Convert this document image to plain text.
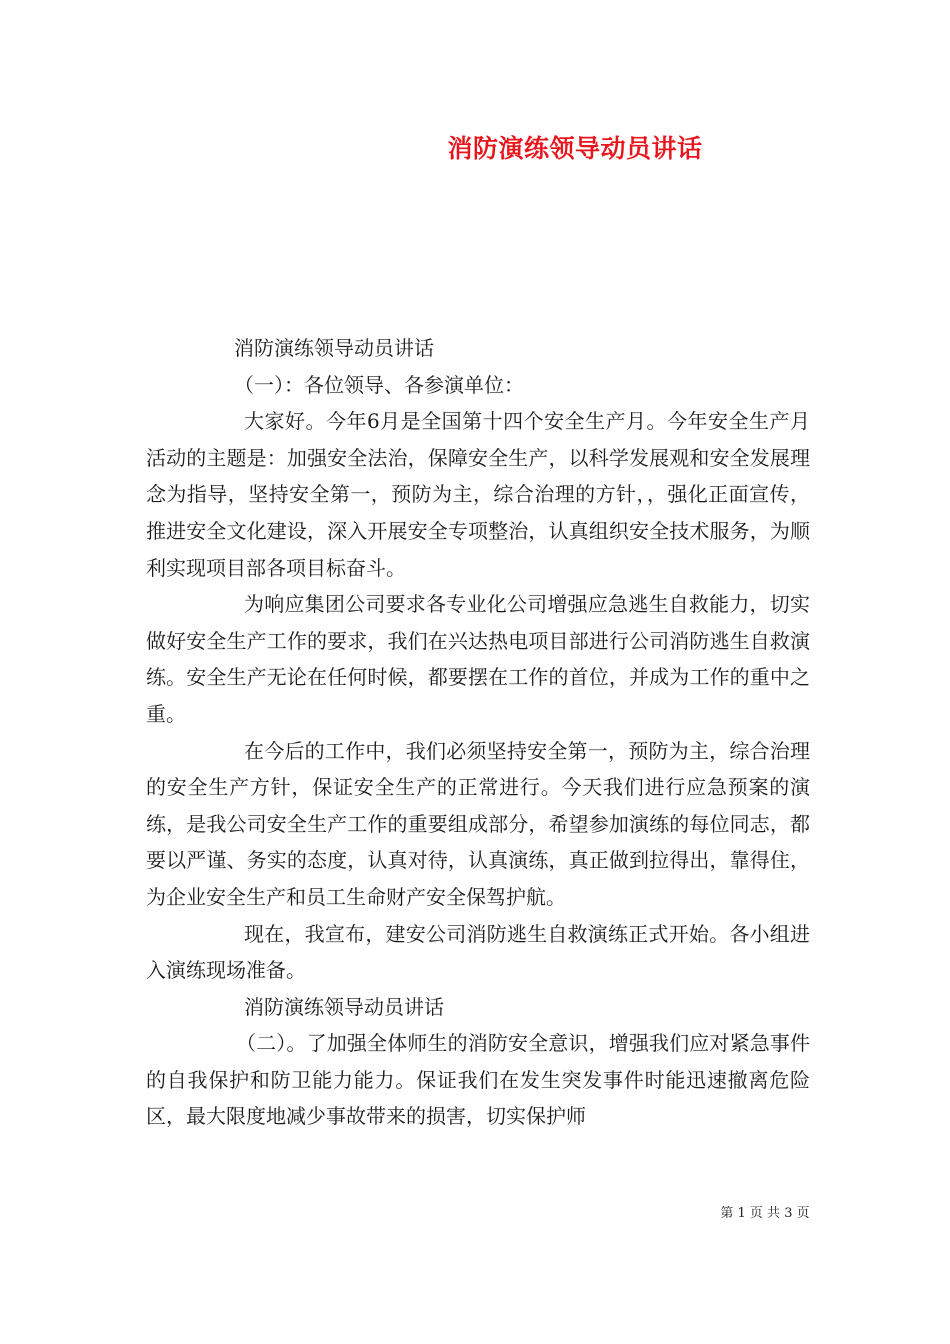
消防演练领导动员讲话

消防演练领导动员讲话

（一）：各位领导、各参演单位：

大家好。今年6月是全国第十四个安全生产月。今年安全生产月活动的主题是：加强安全法治，保障安全生产，以科学发展观和安全发展理念为指导，坚持安全第一，预防为主，综合治理的方针，，强化正面宣传，推进安全文化建设，深入开展安全专项整治，认真组织安全技术服务，为顺利实现项目部各项目标奋斗。

为响应集团公司要求各专业化公司增强应急逃生自救能力，切实做好安全生产工作的要求，我们在兴达热电项目部进行公司消防逃生自救演练。安全生产无论在任何时候，都要摆在工作的首位，并成为工作的重中之重。

在今后的工作中，我们必须坚持安全第一，预防为主，综合治理的安全生产方针，保证安全生产的正常进行。今天我们进行应急预案的演练，是我公司安全生产工作的重要组成部分，希望参加演练的每位同志，都要以严谨、务实的态度，认真对待，认真演练，真正做到拉得出，靠得住，为企业安全生产和员工生命财产安全保驾护航。

现在，我宣布，建安公司消防逃生自救演练正式开始。各小组进入演练现场准备。

消防演练领导动员讲话

（二）。了加强全体师生的消防安全意识，增强我们应对紧急事件的自我保护和防卫能力能力。保证我们在发生突发事件时能迅速撤离危险区，最大限度地减少事故带来的损害，切实保护师

第 1 页 共 3 页
